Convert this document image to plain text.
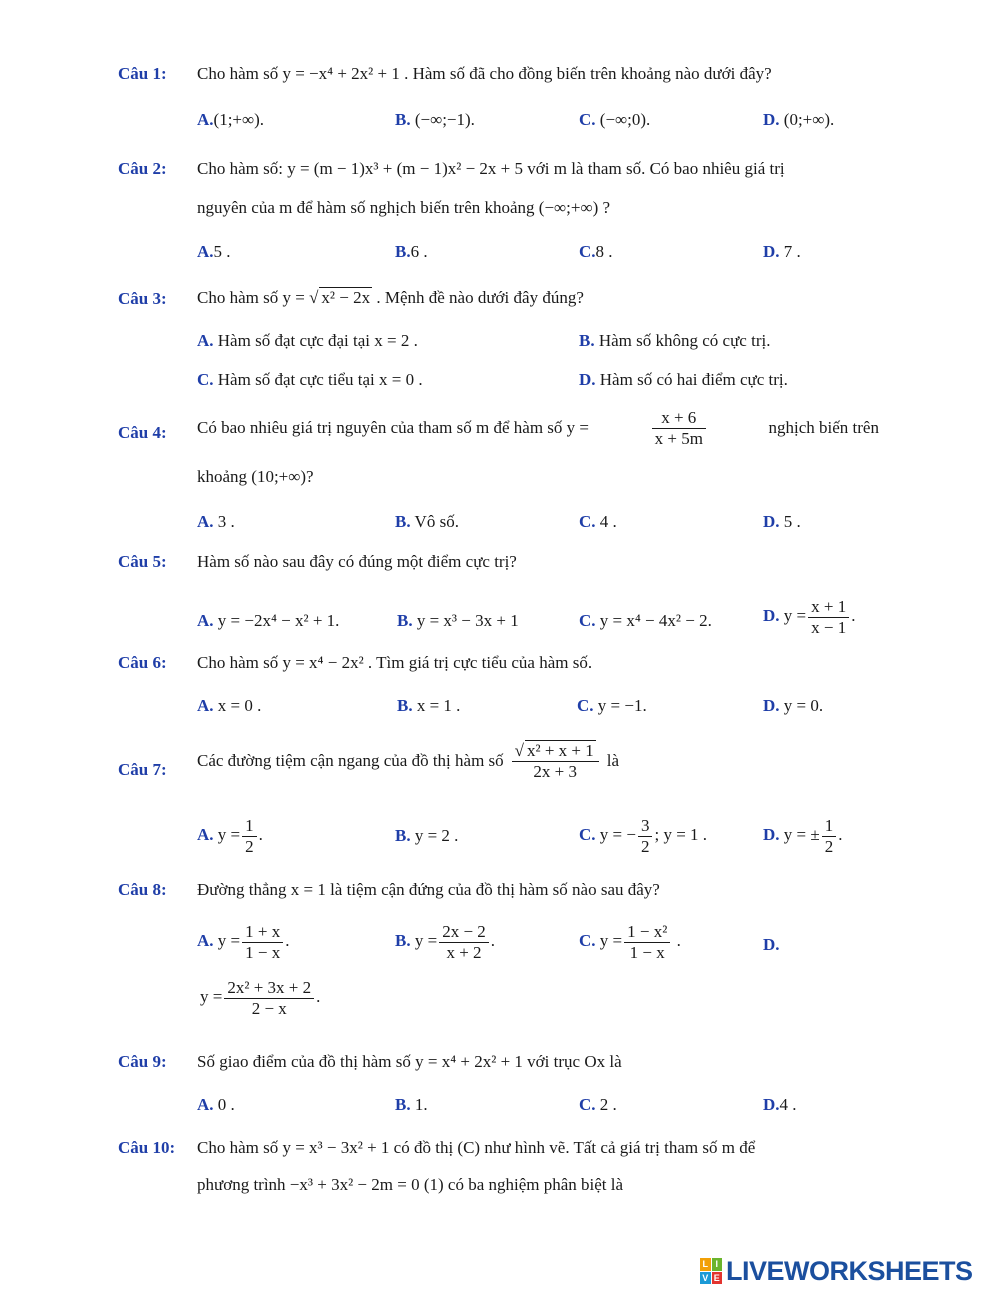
Câu 1: Cho hàm số y = −x⁴ + 2x² + 1 . Hàm số đã cho đồng biến trên khoảng nào dưới đây?
A.(1;+∞).	B. (−∞;−1).	C. (−∞;0).	D. (0;+∞).
Câu 2: Cho hàm số: y = (m − 1)x³ + (m − 1)x² − 2x + 5 với m là tham số. Có bao nhiêu giá trị
nguyên của m để hàm số nghịch biến trên khoảng (−∞;+∞) ?
A.5 .	B.6 .	C.8 .	D. 7 .
Câu 3: Cho hàm số y = √ x² − 2x . Mệnh đề nào dưới đây đúng?
A. Hàm số đạt cực đại tại x = 2 .	B. Hàm số không có cực trị.
C. Hàm số đạt cực tiểu tại x = 0 .	D. Hàm số có hai điểm cực trị.
Câu 4: Có bao nhiêu giá trị nguyên của tham số m để hàm số y =	$\frac{x + 6}{x + 5m}$	nghịch biến trên
khoảng (10;+∞)?
A. 3 .	B. Vô số.	C. 4 .	D. 5 .
Câu 5: Hàm số nào sau đây có đúng một điểm cực trị?
A. y = −2x⁴ − x² + 1.	B. y = x³ − 3x + 1	C. y = x⁴ − 4x² − 2.	D. $y = \frac{x + 1}{x - 1}$ .
Câu 6: Cho hàm số y = x⁴ − 2x² . Tìm giá trị cực tiểu của hàm số.
A. x = 0 .	B. x = 1 .	C. y = −1.	D. y = 0.
Câu 7: Các đường tiệm cận ngang của đồ thị hàm số $\frac{\text{√ x² + x + 1}}{2x + 3}$ là
A. $y = \frac{1}{2}$ .	B. y = 2 .	C. y = − $\frac{3}{2}$ ; y = 1 .	D. y = ± $\frac{1}{2}$ .
Câu 8: Đường thẳng x = 1 là tiệm cận đứng của đồ thị hàm số nào sau đây?
A. $y = \frac{1 + x}{1 - x}$ .	B. $y = \frac{2x - 2}{x + 2}$ .	C. $y = \frac{\text{1 − x²}}{1 - x}$ .	D.
$y = \frac{\text{2x² + 3x + 2}}{2 - x}$ .
Câu 9: Số giao điểm của đồ thị hàm số y = x⁴ + 2x² + 1 với trục Ox là
A. 0 .	B. 1.	C. 2 .	D.4 .
Câu 10: Cho hàm số y = x³ − 3x² + 1 có đồ thị (C) như hình vẽ. Tất cả giá trị tham số m để
phương trình −x³ + 3x² − 2m = 0 (1) có ba nghiệm phân biệt là
L I
V E LIVEWORKSHEETS
